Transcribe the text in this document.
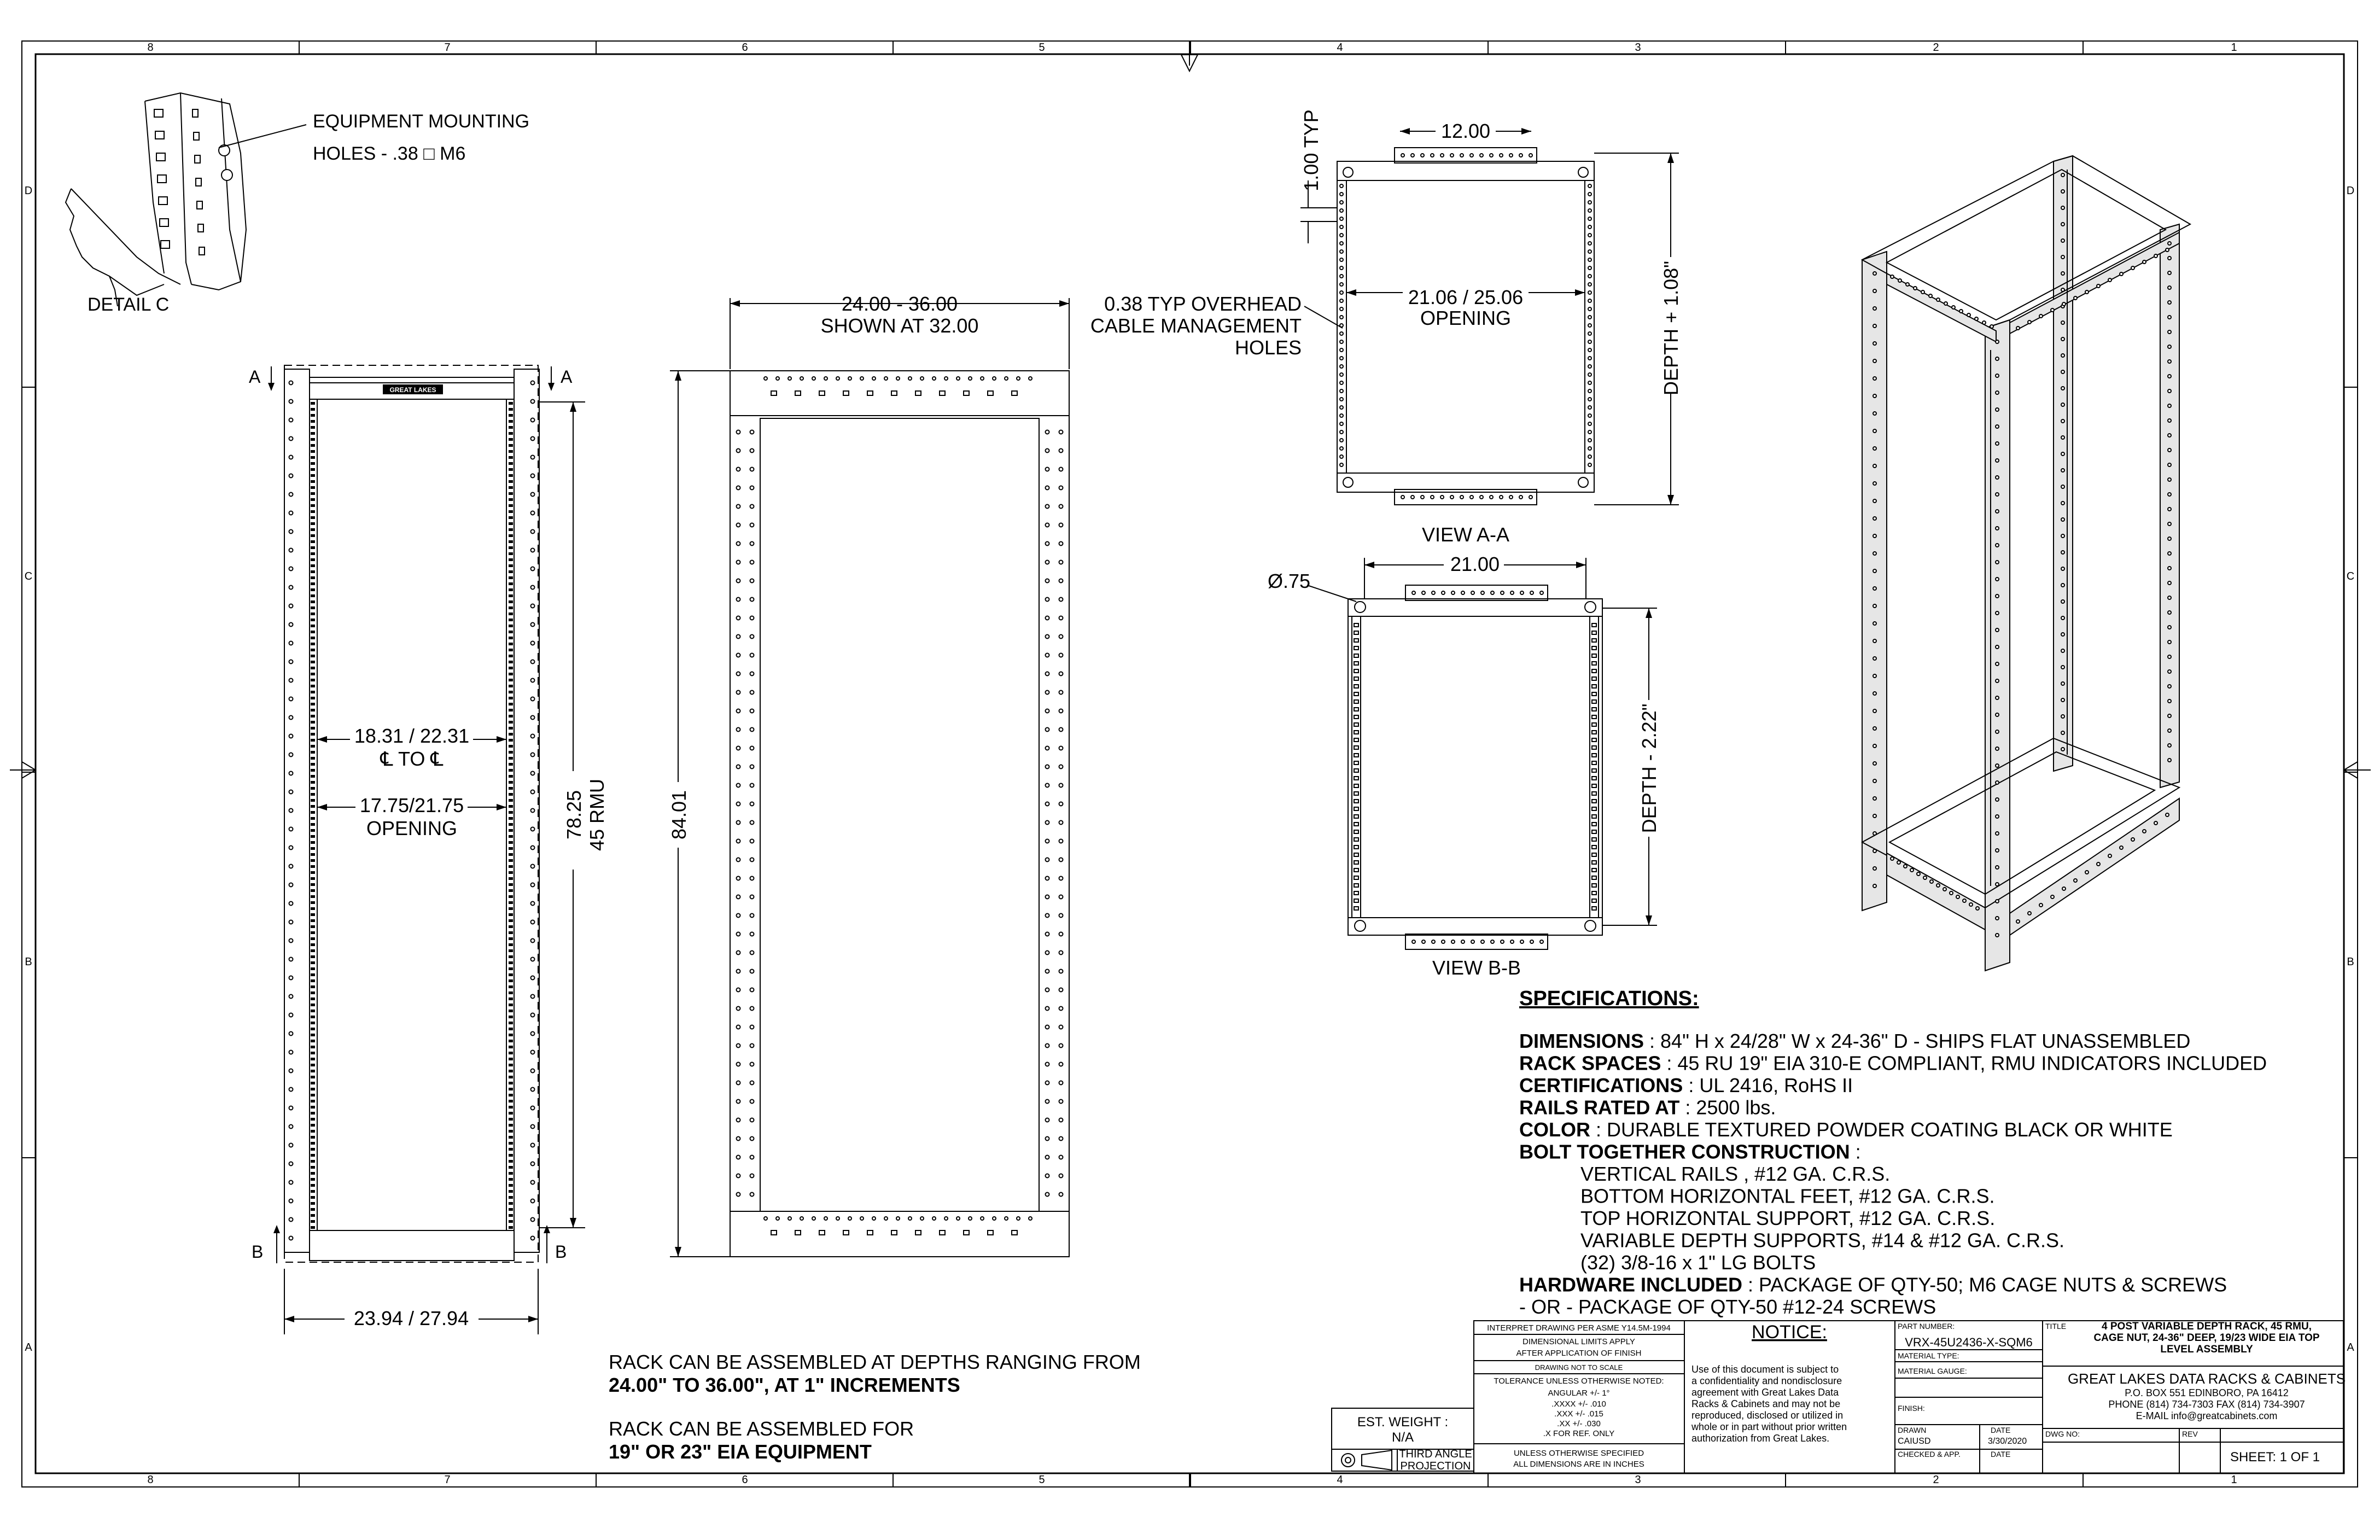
8	7	6	5	4	3	2	1
8	7	6	5	4	3	2	1
D
C
B
A
D
C
B
A
EQUIPMENT MOUNTING
HOLES - .38 □ M6
DETAIL C
GREAT LAKES
A	A
B	B
18.31 / 22.31
℄ TO ℄
17.75/21.75
OPENING	78.25 45 RMU
23.94 / 27.94
24.00 - 36.00
SHOWN AT 32.00
84.01
12.00
1.00 TYP
0.38 TYP OVERHEAD
CABLE MANAGEMENT
HOLES
21.06 / 25.06
OPENING	DEPTH + 1.08"
VIEW A-A
21.00
Ø.75
DEPTH - 2.22"
VIEW B-B
SPECIFICATIONS:
DIMENSIONS : 84" H x 24/28" W x 24-36" D - SHIPS FLAT UNASSEMBLED
RACK SPACES : 45 RU 19" EIA 310-E COMPLIANT, RMU INDICATORS INCLUDED
CERTIFICATIONS : UL 2416, RoHS II
RAILS RATED AT : 2500 lbs.
COLOR : DURABLE TEXTURED POWDER COATING BLACK OR WHITE
BOLT TOGETHER CONSTRUCTION :
VERTICAL RAILS , #12 GA. C.R.S.
BOTTOM HORIZONTAL FEET, #12 GA. C.R.S.
TOP HORIZONTAL SUPPORT, #12 GA. C.R.S.
VARIABLE DEPTH SUPPORTS, #14 & #12 GA. C.R.S.
(32) 3/8-16 x 1" LG BOLTS
HARDWARE INCLUDED : PACKAGE OF QTY-50; M6 CAGE NUTS & SCREWS
- OR - PACKAGE OF QTY-50 #12-24 SCREWS
RACK CAN BE ASSEMBLED AT DEPTHS RANGING FROM
24.00" TO 36.00", AT 1" INCREMENTS
RACK CAN BE ASSEMBLED FOR
19" OR 23" EIA EQUIPMENT
EST. WEIGHT :
N/A
THIRD ANGLE
PROJECTION
INTERPRET DRAWING PER ASME Y14.5M-1994
DIMENSIONAL LIMITS APPLY
AFTER APPLICATION OF FINISH
DRAWING NOT TO SCALE
TOLERANCE UNLESS OTHERWISE NOTED:
ANGULAR +/- 1°
.XXXX +/- .010
.XXX +/- .015
.XX +/- .030
.X FOR REF. ONLY
UNLESS OTHERWISE SPECIFIED
ALL DIMENSIONS ARE IN INCHES
NOTICE:
Use of this document is subject to
a confidentiality and nondisclosure
agreement with Great Lakes Data
Racks & Cabinets and may not be
reproduced, disclosed or utilized in
whole or in part without prior written
authorization from Great Lakes.
PART NUMBER:
VRX-45U2436-X-SQM6
MATERIAL TYPE:
MATERIAL GAUGE:
FINISH:
DRAWN
CAIUSD
DATE
3/30/2020
CHECKED & APP.	DATE
TITLE	4 POST VARIABLE DEPTH RACK, 45 RMU,
CAGE NUT, 24-36" DEEP, 19/23 WIDE EIA TOP
LEVEL ASSEMBLY
GREAT LAKES DATA RACKS & CABINETS
P.O. BOX 551 EDINBORO, PA 16412
PHONE (814) 734-7303 FAX (814) 734-3907
E-MAIL info@greatcabinets.com
DWG NO:	REV
SHEET: 1 OF 1
